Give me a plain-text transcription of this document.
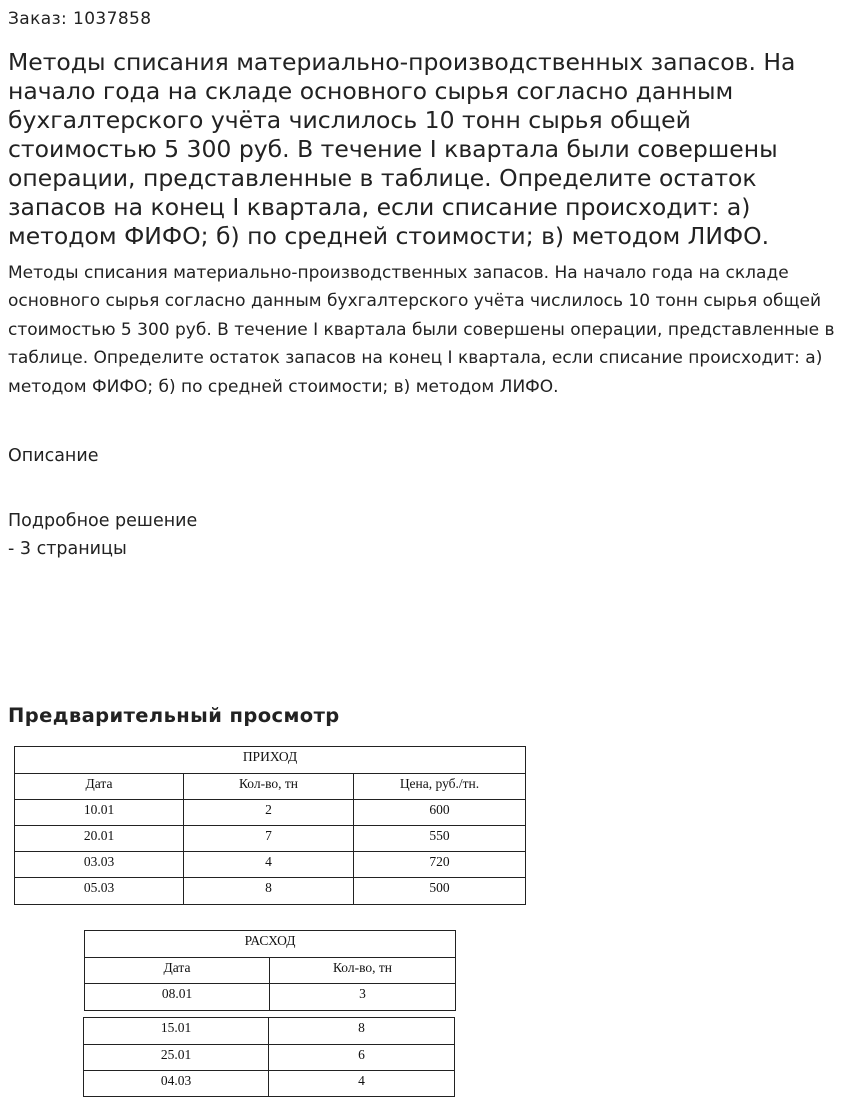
Заказ: 1037858
Методы списания материально-производственных запасов. На начало года на складе основного сырья согласно данным бухгалтерского учёта числилось 10 тонн сырья общей стоимостью 5 300 руб. В течение I квартала были совершены операции, представленные в таблице. Определите остаток запасов на конец I квартала, если списание происходит: а) методом ФИФО; б) по средней стоимости; в) методом ЛИФО.

Методы списания материально-производственных запасов. На начало года на складе основного сырья согласно данным бухгалтерского учёта числилось 10 тонн сырья общей стоимостью 5 300 руб. В течение I квартала были совершены операции, представленные в таблице. Определите остаток запасов на конец I квартала, если списание происходит: а) методом ФИФО; б) по средней стоимости; в) методом ЛИФО.

Описание
Подробное решение
- 3 страницы
Предварительный просмотр
ПРИХОД		
Дата	Кол-во, тн	Цена, руб./тн.
10.01	2	600
20.01	7	550
03.03	4	720
05.03	8	500
РАСХОД	
Дата	Кол-во, тн
08.01	3
15.01	8
25.01	6
04.03	4
